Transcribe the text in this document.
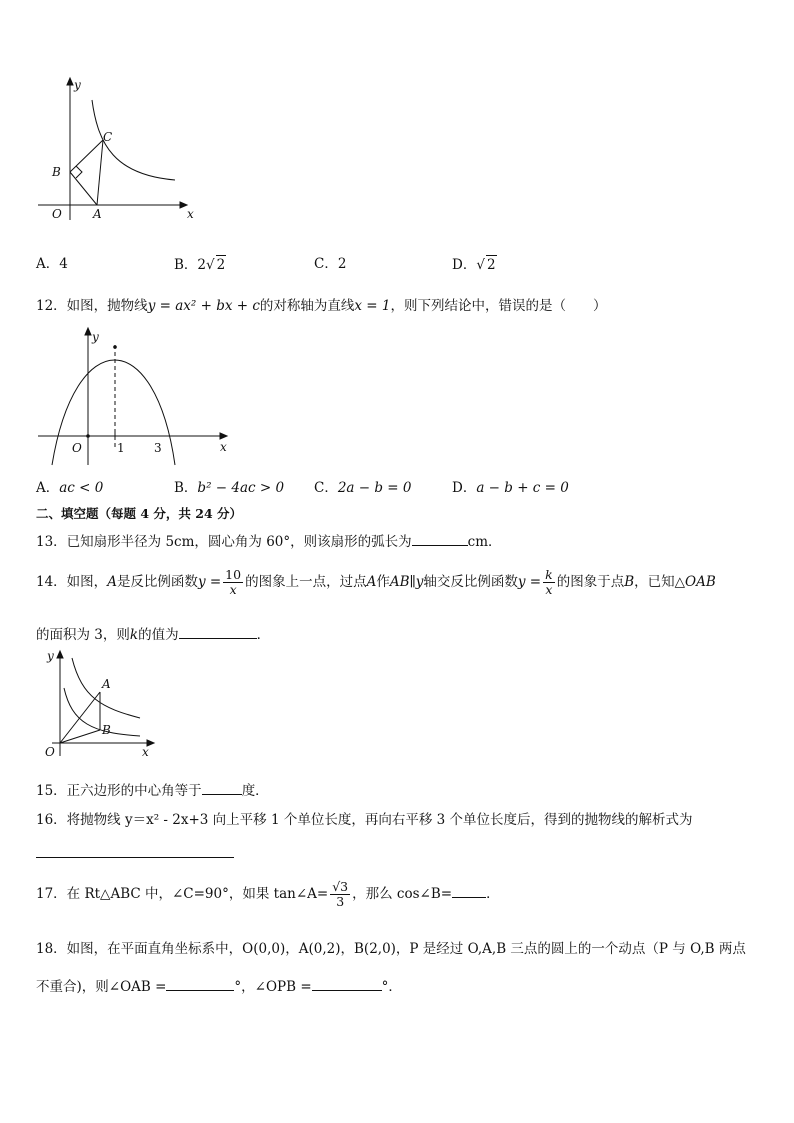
y
x
O	A
B
C
A．4	B．2√ 2	C．2	D．√ 2
12．如图，抛物线y = ax² + bx + c的对称轴为直线x = 1，则下列结论中，错误的是（　　）
y
x
O	1 3
A．ac < 0	B．b² − 4ac > 0 C．2a − b = 0	D．a − b + c = 0
二、填空题（每题 4 分，共 24 分）
13．已知扇形半径为 5cm，圆心角为 60°，则该扇形的弧长为	cm．
14．如图，A是反比例函数$y = \frac{10}{x}$ 的图象上一点，过点A作AB∥y轴交反比例函数$y = \frac{k}{x}$ 的图象于点B，已知△OAB
的面积为 3，则k的值为	．
y
x
O
A
B
15．正六边形的中心角等于	度．
16．将抛物线 y＝x² - 2x+3 向上平移 1 个单位长度，再向右平移 3 个单位长度后，得到的抛物线的解析式为
17．在 Rt△ABC 中，∠C=90°，如果 tan∠A= $\frac{√3}{3}$ ，那么 cos∠B=	．
18．如图，在平面直角坐标系中，O(0,0)，A(0,2)，B(2,0)，P 是经过 O,A,B 三点的圆上的一个动点（P 与 O,B 两点
不重合)，则∠OAB =	°，∠OPB =	°．
